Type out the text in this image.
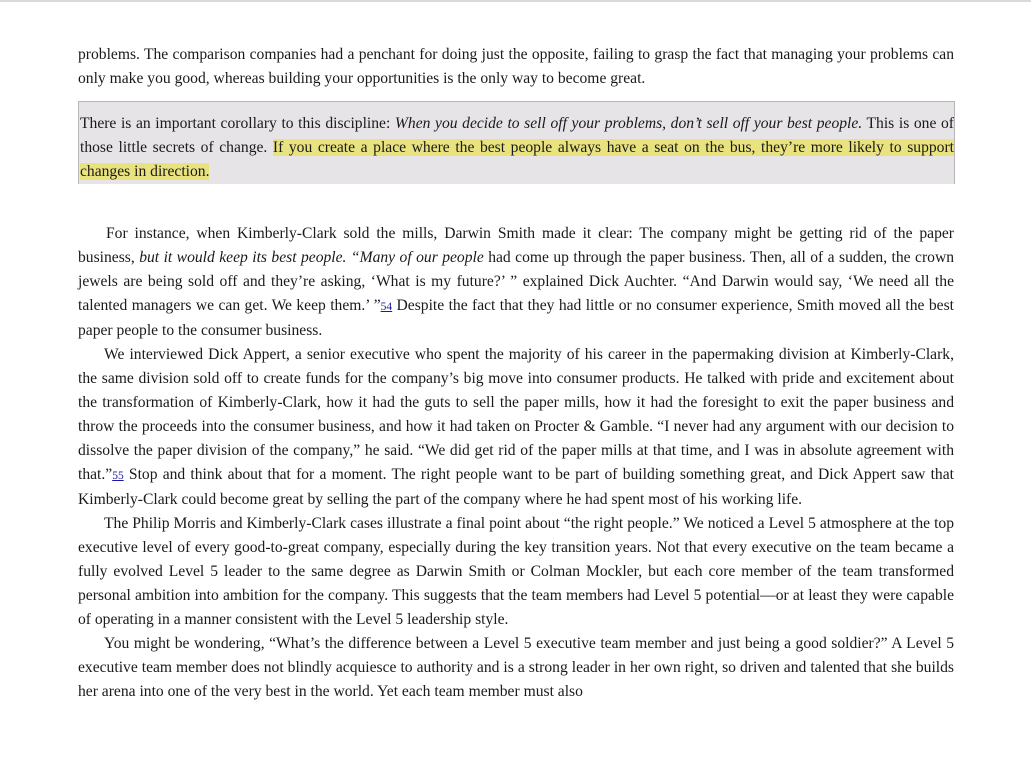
problems. The comparison companies had a penchant for doing just the opposite, failing to grasp the fact that managing your problems can only make you good, whereas building your opportunities is the only way to become great.

There is an important corollary to this discipline: When you decide to sell off your problems, don’t sell off your best people. This is one of those little secrets of change. If you create a place where the best people always have a seat on the bus, they’re more likely to support changes in direction.

For instance, when Kimberly-Clark sold the mills, Darwin Smith made it clear: The company might be getting rid of the paper business, but it would keep its best people. “Many of our people had come up through the paper business. Then, all of a sudden, the crown jewels are being sold off and they’re asking, ‘What is my future?’ ” explained Dick Auchter. “And Darwin would say, ‘We need all the talented managers we can get. We keep them.’ ”54 Despite the fact that they had little or no consumer experience, Smith moved all the best paper people to the consumer business.

We interviewed Dick Appert, a senior executive who spent the majority of his career in the papermaking division at Kimberly-Clark, the same division sold off to create funds for the company’s big move into consumer products. He talked with pride and excitement about the transformation of Kimberly-Clark, how it had the guts to sell the paper mills, how it had the foresight to exit the paper business and throw the proceeds into the consumer business, and how it had taken on Procter & Gamble. “I never had any argument with our decision to dissolve the paper division of the company,” he said. “We did get rid of the paper mills at that time, and I was in absolute agreement with that.”55 Stop and think about that for a moment. The right people want to be part of building something great, and Dick Appert saw that Kimberly-Clark could become great by selling the part of the company where he had spent most of his working life.

The Philip Morris and Kimberly-Clark cases illustrate a final point about “the right people.” We noticed a Level 5 atmosphere at the top executive level of every good-to-great company, especially during the key transition years. Not that every executive on the team became a fully evolved Level 5 leader to the same degree as Darwin Smith or Colman Mockler, but each core member of the team transformed personal ambition into ambition for the company. This suggests that the team members had Level 5 potential—or at least they were capable of operating in a manner consistent with the Level 5 leadership style.

You might be wondering, “What’s the difference between a Level 5 executive team member and just being a good soldier?” A Level 5 executive team member does not blindly acquiesce to authority and is a strong leader in her own right, so driven and talented that she builds her arena into one of the very best in the world. Yet each team member must also
